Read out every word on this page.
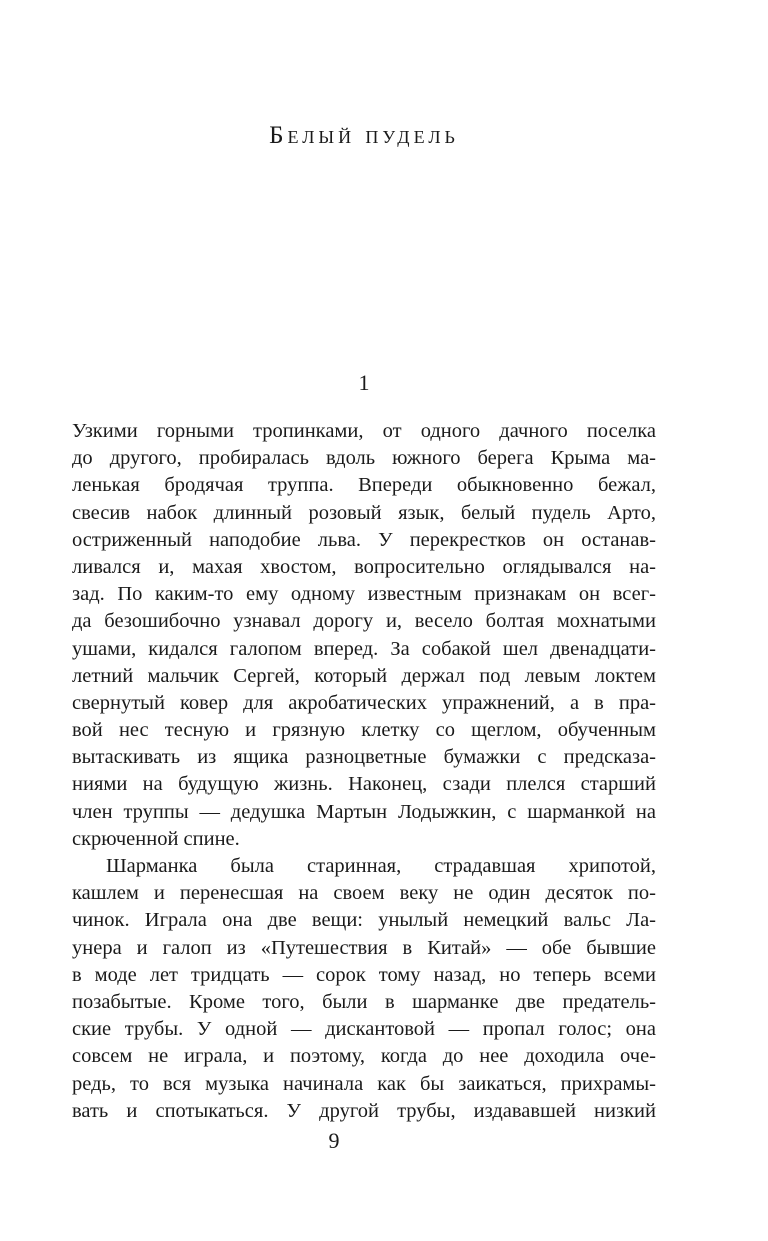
Белый пудель
1
Узкими горными тропинками, от одного дачного поселка
до другого, пробиралась вдоль южного берега Крыма ма-
ленькая бродячая труппа. Впереди обыкновенно бежал,
свесив набок длинный розовый язык, белый пудель Арто,
остриженный наподобие льва. У перекрестков он останав-
ливался и, махая хвостом, вопросительно оглядывался на-
зад. По каким-то ему одному известным признакам он всег-
да безошибочно узнавал дорогу и, весело болтая мохнатыми
ушами, кидался галопом вперед. За собакой шел двенадцати-
летний мальчик Сергей, который держал под левым локтем
свернутый ковер для акробатических упражнений, а в пра-
вой нес тесную и грязную клетку со щеглом, обученным
вытаскивать из ящика разноцветные бумажки с предсказа-
ниями на будущую жизнь. Наконец, сзади плелся старший
член труппы — дедушка Мартын Лодыжкин, с шарманкой на
скрюченной спине.
Шарманка была старинная, страдавшая хрипотой,
кашлем и перенесшая на своем веку не один десяток по-
чинок. Играла она две вещи: унылый немецкий вальс Ла-
унера и галоп из «Путешествия в Китай» — обе бывшие
в моде лет тридцать — сорок тому назад, но теперь всеми
позабытые. Кроме того, были в шарманке две предатель-
ские трубы. У одной — дискантовой — пропал голос; она
совсем не играла, и поэтому, когда до нее доходила оче-
редь, то вся музыка начинала как бы заикаться, прихрамы-
вать и спотыкаться. У другой трубы, издававшей низкий
9
